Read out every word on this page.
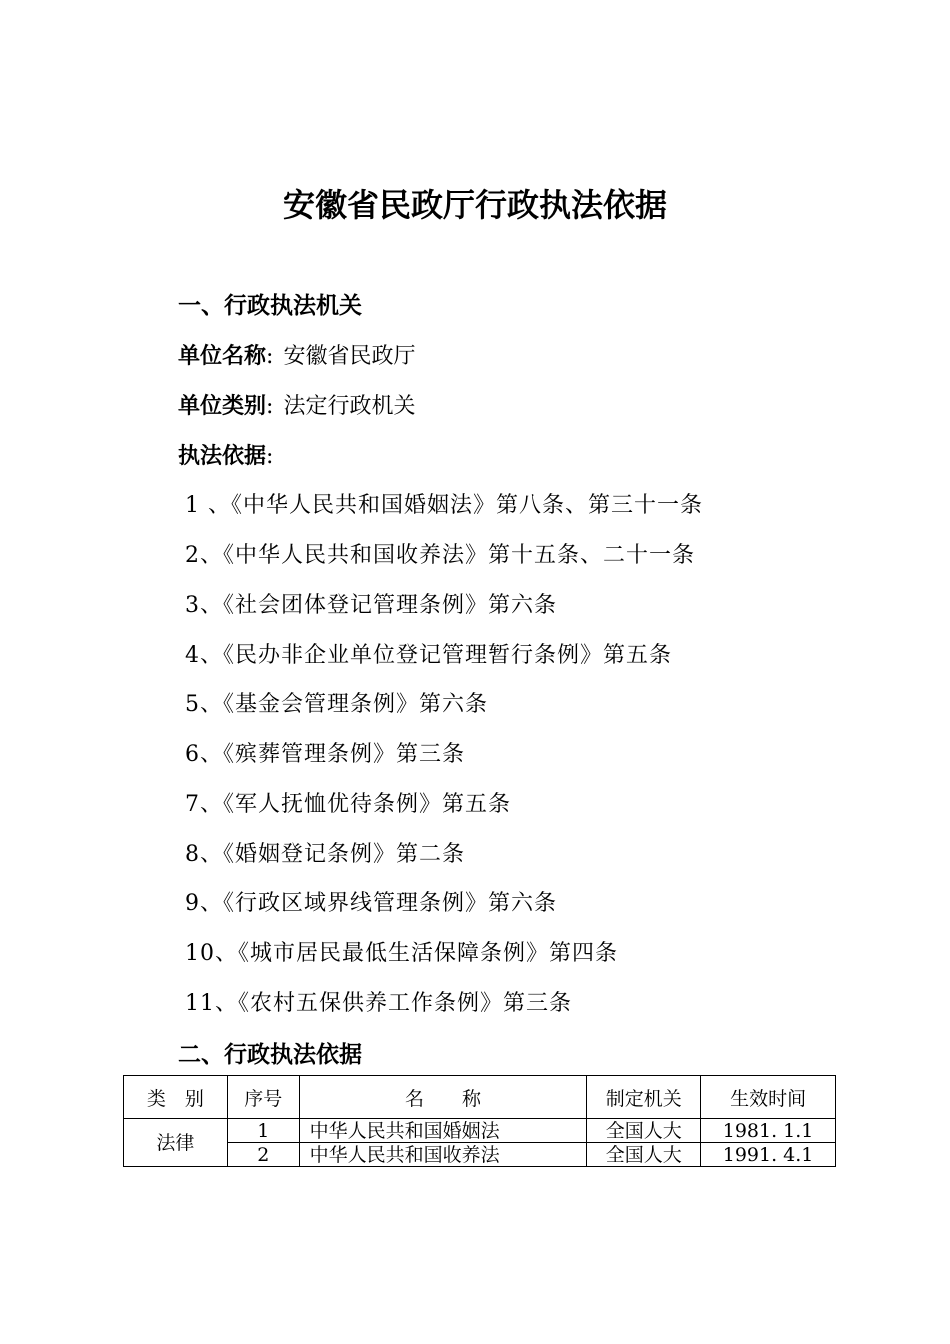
安徽省民政厅行政执法依据
一、行政执法机关
单位名称: 安徽省民政厅
单位类别: 法定行政机关
执法依据:
1 、《中华人民共和国婚姻法》第八条、第三十一条
2、《中华人民共和国收养法》第十五条、二十一条
3、《社会团体登记管理条例》第六条
4、《民办非企业单位登记管理暂行条例》第五条
5、《基金会管理条例》第六条
6、《殡葬管理条例》第三条
7、《军人抚恤优待条例》第五条
8、《婚姻登记条例》第二条
9、《行政区域界线管理条例》第六条
10、《城市居民最低生活保障条例》第四条
11、《农村五保供养工作条例》第三条
二、行政执法依据
类　别	序号	名　　称	制定机关	生效时间
法律	1	中华人民共和国婚姻法	全国人大	1981. 1.1
	2	中华人民共和国收养法	全国人大	1991. 4.1
